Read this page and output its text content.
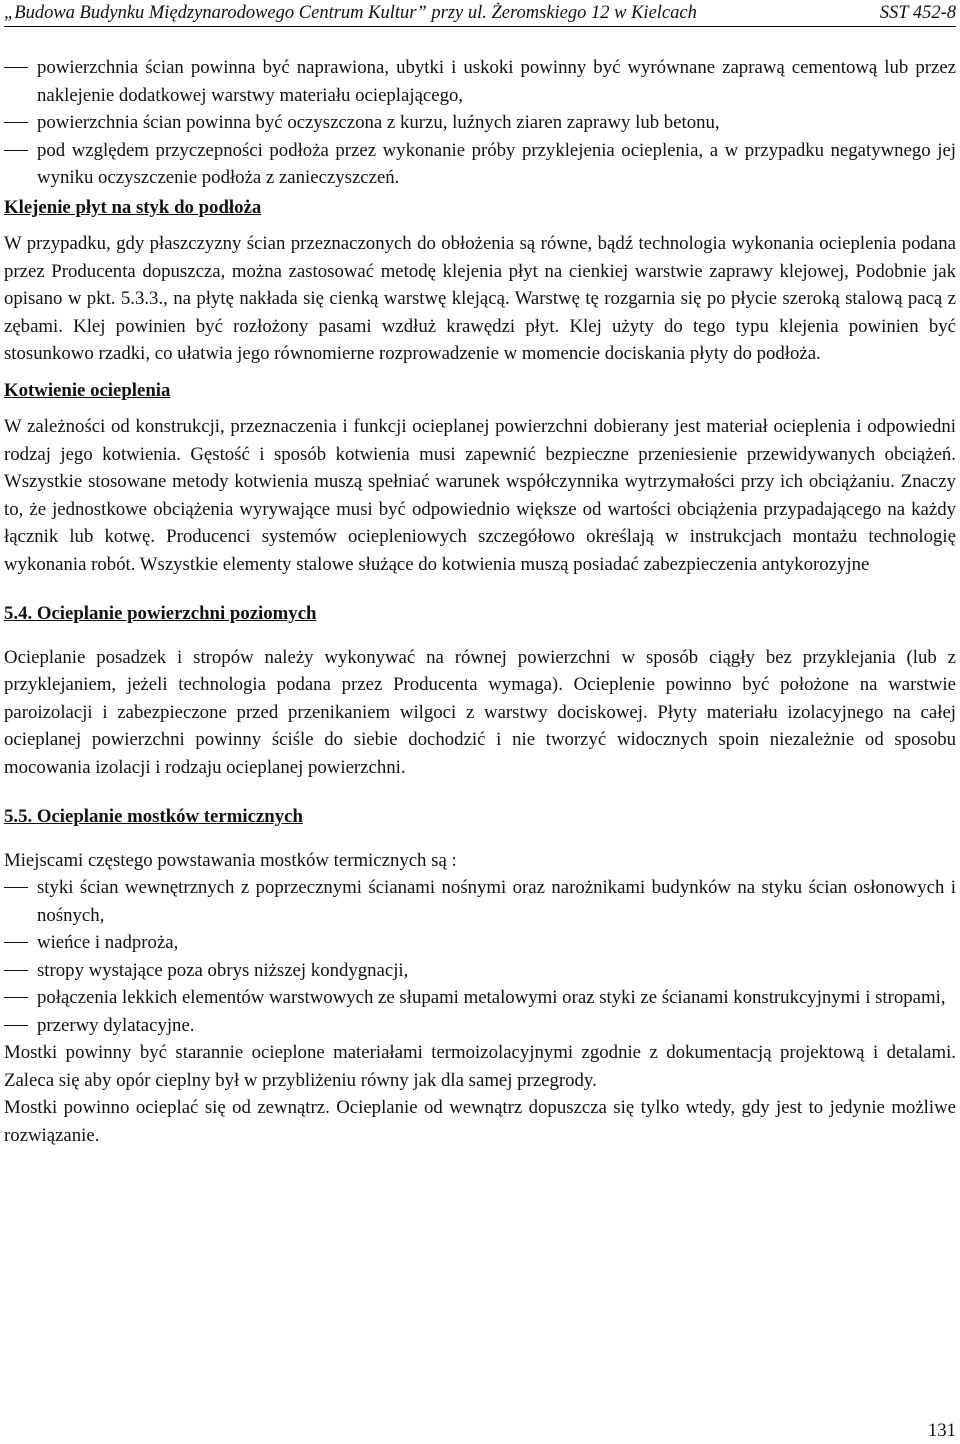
„Budowa Budynku Międzynarodowego Centrum Kultur” przy ul. Żeromskiego 12 w Kielcach	SST 452-8
powierzchnia ścian powinna być naprawiona, ubytki i uskoki powinny być wyrównane zaprawą cementową lub przez naklejenie dodatkowej warstwy materiału ocieplającego,
powierzchnia ścian powinna być oczyszczona z kurzu, luźnych ziaren zaprawy lub betonu,
pod względem przyczepności podłoża przez wykonanie próby przyklejenia ocieplenia, a w przypadku negatywnego jej wyniku oczyszczenie podłoża z zanieczyszczeń.
Klejenie płyt na styk do podłoża

W przypadku, gdy płaszczyzny ścian przeznaczonych do obłożenia są równe, bądź technologia wykonania ocieplenia podana przez Producenta dopuszcza, można zastosować metodę klejenia płyt na cienkiej warstwie zaprawy klejowej, Podobnie jak opisano w pkt. 5.3.3., na płytę nakłada się cienką warstwę klejącą. Warstwę tę rozgarnia się po płycie szeroką stalową pacą z zębami. Klej powinien być rozłożony pasami wzdłuż krawędzi płyt. Klej użyty do tego typu klejenia powinien być stosunkowo rzadki, co ułatwia jego równomierne rozprowadzenie w momencie dociskania płyty do podłoża.

Kotwienie ocieplenia

W zależności od konstrukcji, przeznaczenia i funkcji ocieplanej powierzchni dobierany jest materiał ocieplenia i odpowiedni rodzaj jego kotwienia. Gęstość i sposób kotwienia musi zapewnić bezpieczne przeniesienie przewidywanych obciążeń. Wszystkie stosowane metody kotwienia muszą spełniać warunek współczynnika wytrzymałości przy ich obciążaniu. Znaczy to, że jednostkowe obciążenia wyrywające musi być odpowiednio większe od wartości obciążenia przypadającego na każdy łącznik lub kotwę. Producenci systemów ociepleniowych szczegółowo określają w instrukcjach montażu technologię wykonania robót. Wszystkie elementy stalowe służące do kotwienia muszą posiadać zabezpieczenia antykorozyjne

5.4. Ocieplanie powierzchni poziomych

Ocieplanie posadzek i stropów należy wykonywać na równej powierzchni w sposób ciągły bez przyklejania (lub z przyklejaniem, jeżeli technologia podana przez Producenta wymaga). Ocieplenie powinno być położone na warstwie paroizolacji i zabezpieczone przed przenikaniem wilgoci z warstwy dociskowej. Płyty materiału izolacyjnego na całej ocieplanej powierzchni powinny ściśle do siebie dochodzić i nie tworzyć widocznych spoin niezależnie od sposobu mocowania izolacji i rodzaju ocieplanej powierzchni.

5.5. Ocieplanie mostków termicznych

Miejscami częstego powstawania mostków termicznych są :

styki ścian wewnętrznych z poprzecznymi ścianami nośnymi oraz narożnikami budynków na styku ścian osłonowych i nośnych,
wieńce i nadproża,
stropy wystające poza obrys niższej kondygnacji,
połączenia lekkich elementów warstwowych ze słupami metalowymi oraz styki ze ścianami konstrukcyjnymi i stropami,
przerwy dylatacyjne.

Mostki powinny być starannie ocieplone materiałami termoizolacyjnymi zgodnie z dokumentacją projektową i detalami. Zaleca się aby opór cieplny był w przybliżeniu równy jak dla samej przegrody.

Mostki powinno ocieplać się od zewnątrz. Ocieplanie od wewnątrz dopuszcza się tylko wtedy, gdy jest to jedynie możliwe rozwiązanie.

131
